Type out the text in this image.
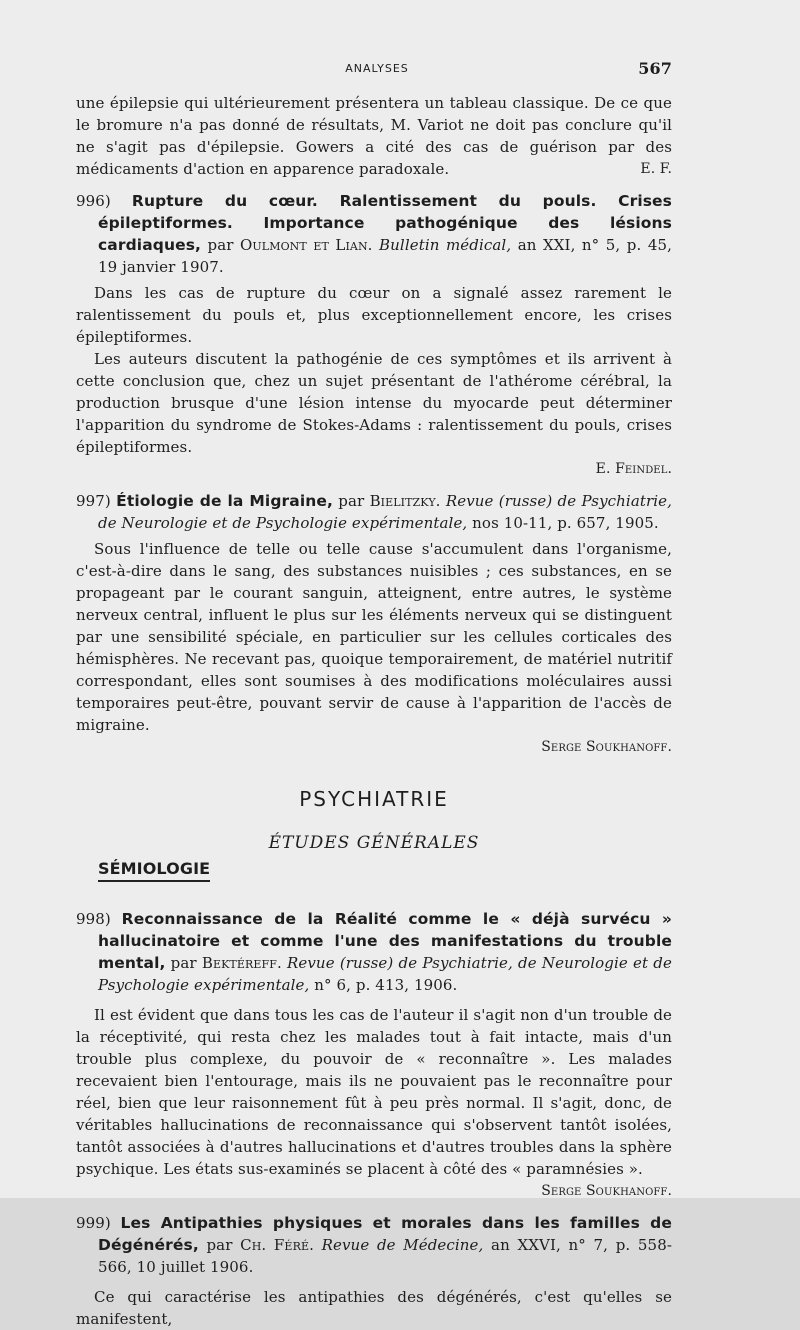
ANALYSES	567

une épilepsie qui ultérieurement présentera un tableau classique. De ce que le bromure n'a pas donné de résultats, M. Variot ne doit pas conclure qu'il ne s'agit pas d'épilepsie. Gowers a cité des cas de guérison par des médicaments d'action en apparence paradoxale.	E. F.

996) Rupture du cœur. Ralentissement du pouls. Crises épileptiformes. Importance pathogénique des lésions cardiaques, par Oulmont et Lian. Bulletin médical, an XXI, n° 5, p. 45, 19 janvier 1907.

Dans les cas de rupture du cœur on a signalé assez rarement le ralentissement du pouls et, plus exceptionnellement encore, les crises épileptiformes.

Les auteurs discutent la pathogénie de ces symptômes et ils arrivent à cette conclusion que, chez un sujet présentant de l'athérome cérébral, la production brusque d'une lésion intense du myocarde peut déterminer l'apparition du syndrome de Stokes-Adams : ralentissement du pouls, crises épileptiformes.

E. Feindel.

997) Étiologie de la Migraine, par Bielitzky. Revue (russe) de Psychiatrie, de Neurologie et de Psychologie expérimentale, nos 10-11, p. 657, 1905.

Sous l'influence de telle ou telle cause s'accumulent dans l'organisme, c'est-à-dire dans le sang, des substances nuisibles ; ces substances, en se propageant par le courant sanguin, atteignent, entre autres, le système nerveux central, influent le plus sur les éléments nerveux qui se distinguent par une sensibilité spéciale, en particulier sur les cellules corticales des hémisphères. Ne recevant pas, quoique temporairement, de matériel nutritif correspondant, elles sont soumises à des modifications moléculaires aussi temporaires peut-être, pouvant servir de cause à l'apparition de l'accès de migraine.

Serge Soukhanoff.

PSYCHIATRIE
ÉTUDES GÉNÉRALES
SÉMIOLOGIE

998) Reconnaissance de la Réalité comme le « déjà survécu » hallucinatoire et comme l'une des manifestations du trouble mental, par Bektéreff. Revue (russe) de Psychiatrie, de Neurologie et de Psychologie expérimentale, n° 6, p. 413, 1906.

Il est évident que dans tous les cas de l'auteur il s'agit non d'un trouble de la réceptivité, qui resta chez les malades tout à fait intacte, mais d'un trouble plus complexe, du pouvoir de « reconnaître ». Les malades recevaient bien l'entourage, mais ils ne pouvaient pas le reconnaître pour réel, bien que leur raisonnement fût à peu près normal. Il s'agit, donc, de véritables hallucinations de reconnaissance qui s'observent tantôt isolées, tantôt associées à d'autres hallucinations et d'autres troubles dans la sphère psychique. Les états sus-examinés se placent à côté des « paramnésies ».
Serge Soukhanoff.

999) Les Antipathies physiques et morales dans les familles de Dégénérés, par Ch. Féré. Revue de Médecine, an XXVI, n° 7, p. 558-566, 10 juillet 1906.

Ce qui caractérise les antipathies des dégénérés, c'est qu'elles se manifestent,
